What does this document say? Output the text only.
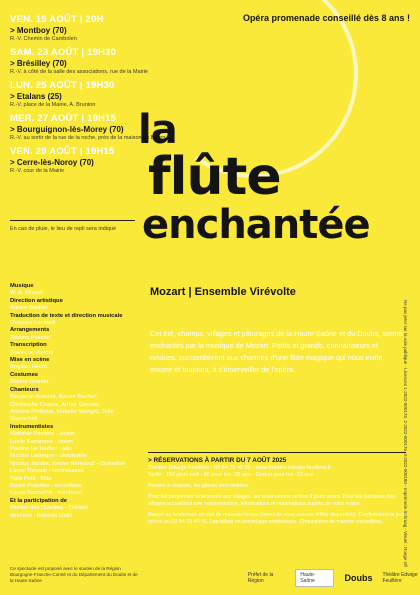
Opéra promenade conseillé dès 8 ans !
VEN. 15 AOÛT | 20H
> Montboy (70)
R.-V. Chemin de Cambolen
SAM. 23 AOÛT | 19H30
> Brésilley (70)
R.-V. à côté de la salle des associations, rue de la Mairie
LUN. 25 AOÛT | 19H30
> Etalans (25)
R.-V. place de la Mairie, A. Brunton
MER. 27 AOÛT | 19H15
> Bourguignon-lès-Morey (70)
R.-V. au sortir de la rue de la roche, près de la maison de Bourg
VEN. 29 AOÛT | 19H15
> Cerre-lès-Noroy (70)
R.-V. cour de la Mairie
En cas de pluie, le lieu de repli sera indiqué
la
flûte
enchantée
Mozart | Ensemble Virévolte
Cet été, champs, villages et pâturages de la Haute-Saône et du Doubs, seront enchantés par la musique de Mozart. Petits et grands, connaisseurs et novices, succomberont aux charmes d'une flûte magique qui nous invite, encore et toujours, à s'émerveiller de l'opéra.
Musique
W. A. Mozart
Direction artistique
Aurore Bucher
Traduction de texte et direction musicale
Grégoire Locatelli
Arrangements
Jérôme Avache
Transcription
Jean-Luc Vanoni
Mise en scène
Bogdan Hecht
Costumes
Marine Granier
Chanteurs
Benjamin Aumont, Aurore Bucher,
Christophe Crapez, Arthur Gouvier,
Antoine Philippot, Isabelle Savigny, Julie
Sopracheli
Instrumentistes
Mathilde Perrière - violon
Lucile Kazanova - violon
Pauline Le Toullec - alto
Nicolas Lavergne - violoncelle
Nicolas Jacobs, Xavier Normand - clarinettes
Laure Thibault - contrebasse
Tarik Petit - flûte
Basile Proudier - accordéon
Lucas Rochefort - trombone
Et la participation de
Meillier des Ouvriers - Théâtre
direction : Roberto Gialli
> RÉSERVATIONS À PARTIR DU 7 AOÛT 2025
Théâtre Edwige Feuillère - 03 84 75 40 66 - www.theatre-edwige-feuillere.fr
Tarifs : 16€ plein tarif - 8€ pour les -25 ans - Gratuit pour les -10 ans
Pensez à réserver, les places sont limitées.
Pour les personnes extérieures aux villages, les réservations se font 8 jours avant. Pour les habitants des villages accueillant une représentation, informations et réservations auprès de votre mairie.
Report au lendemain en cas de mauvais temps (merci de vous assurer d'être disponible). Confirmation le jour même au 03 84 75 40 66. Les billets ne seront pas remboursés. Chaussures de marche conseillées.	Ne pas jeter sur la voie publique - Licences 1-2022-000178, 2-2022-000179, 3-2022-000180 - Imprimerie Schraag - Visuel : Rouge Vif
Ce spectacle est proposé avec le soutien de la Région Bourgogne-Franche-Comté et du Département du Doubs et de la Haute-Saône
Préfet de la Région
Haute-Saône	Doubs Théâtre Edwige Feuillère
